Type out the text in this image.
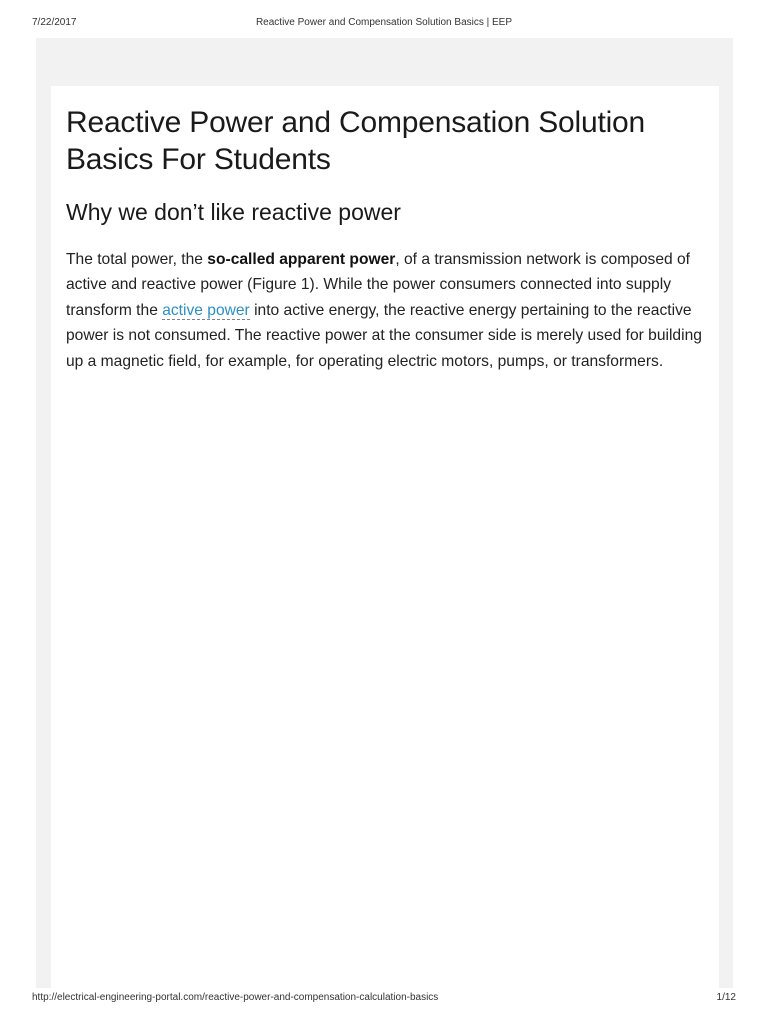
7/22/2017	Reactive Power and Compensation Solution Basics | EEP
Reactive Power and Compensation Solution Basics For Students
Why we don’t like reactive power

The total power, the so-called apparent power, of a transmission network is composed of active and reactive power (Figure 1). While the power consumers connected into supply transform the active power into active energy, the reactive energy pertaining to the reactive power is not consumed. The reactive power at the consumer side is merely used for building up a magnetic field, for example, for operating electric motors, pumps, or transformers.

http://electrical-engineering-portal.com/reactive-power-and-compensation-calculation-basics	1/12
